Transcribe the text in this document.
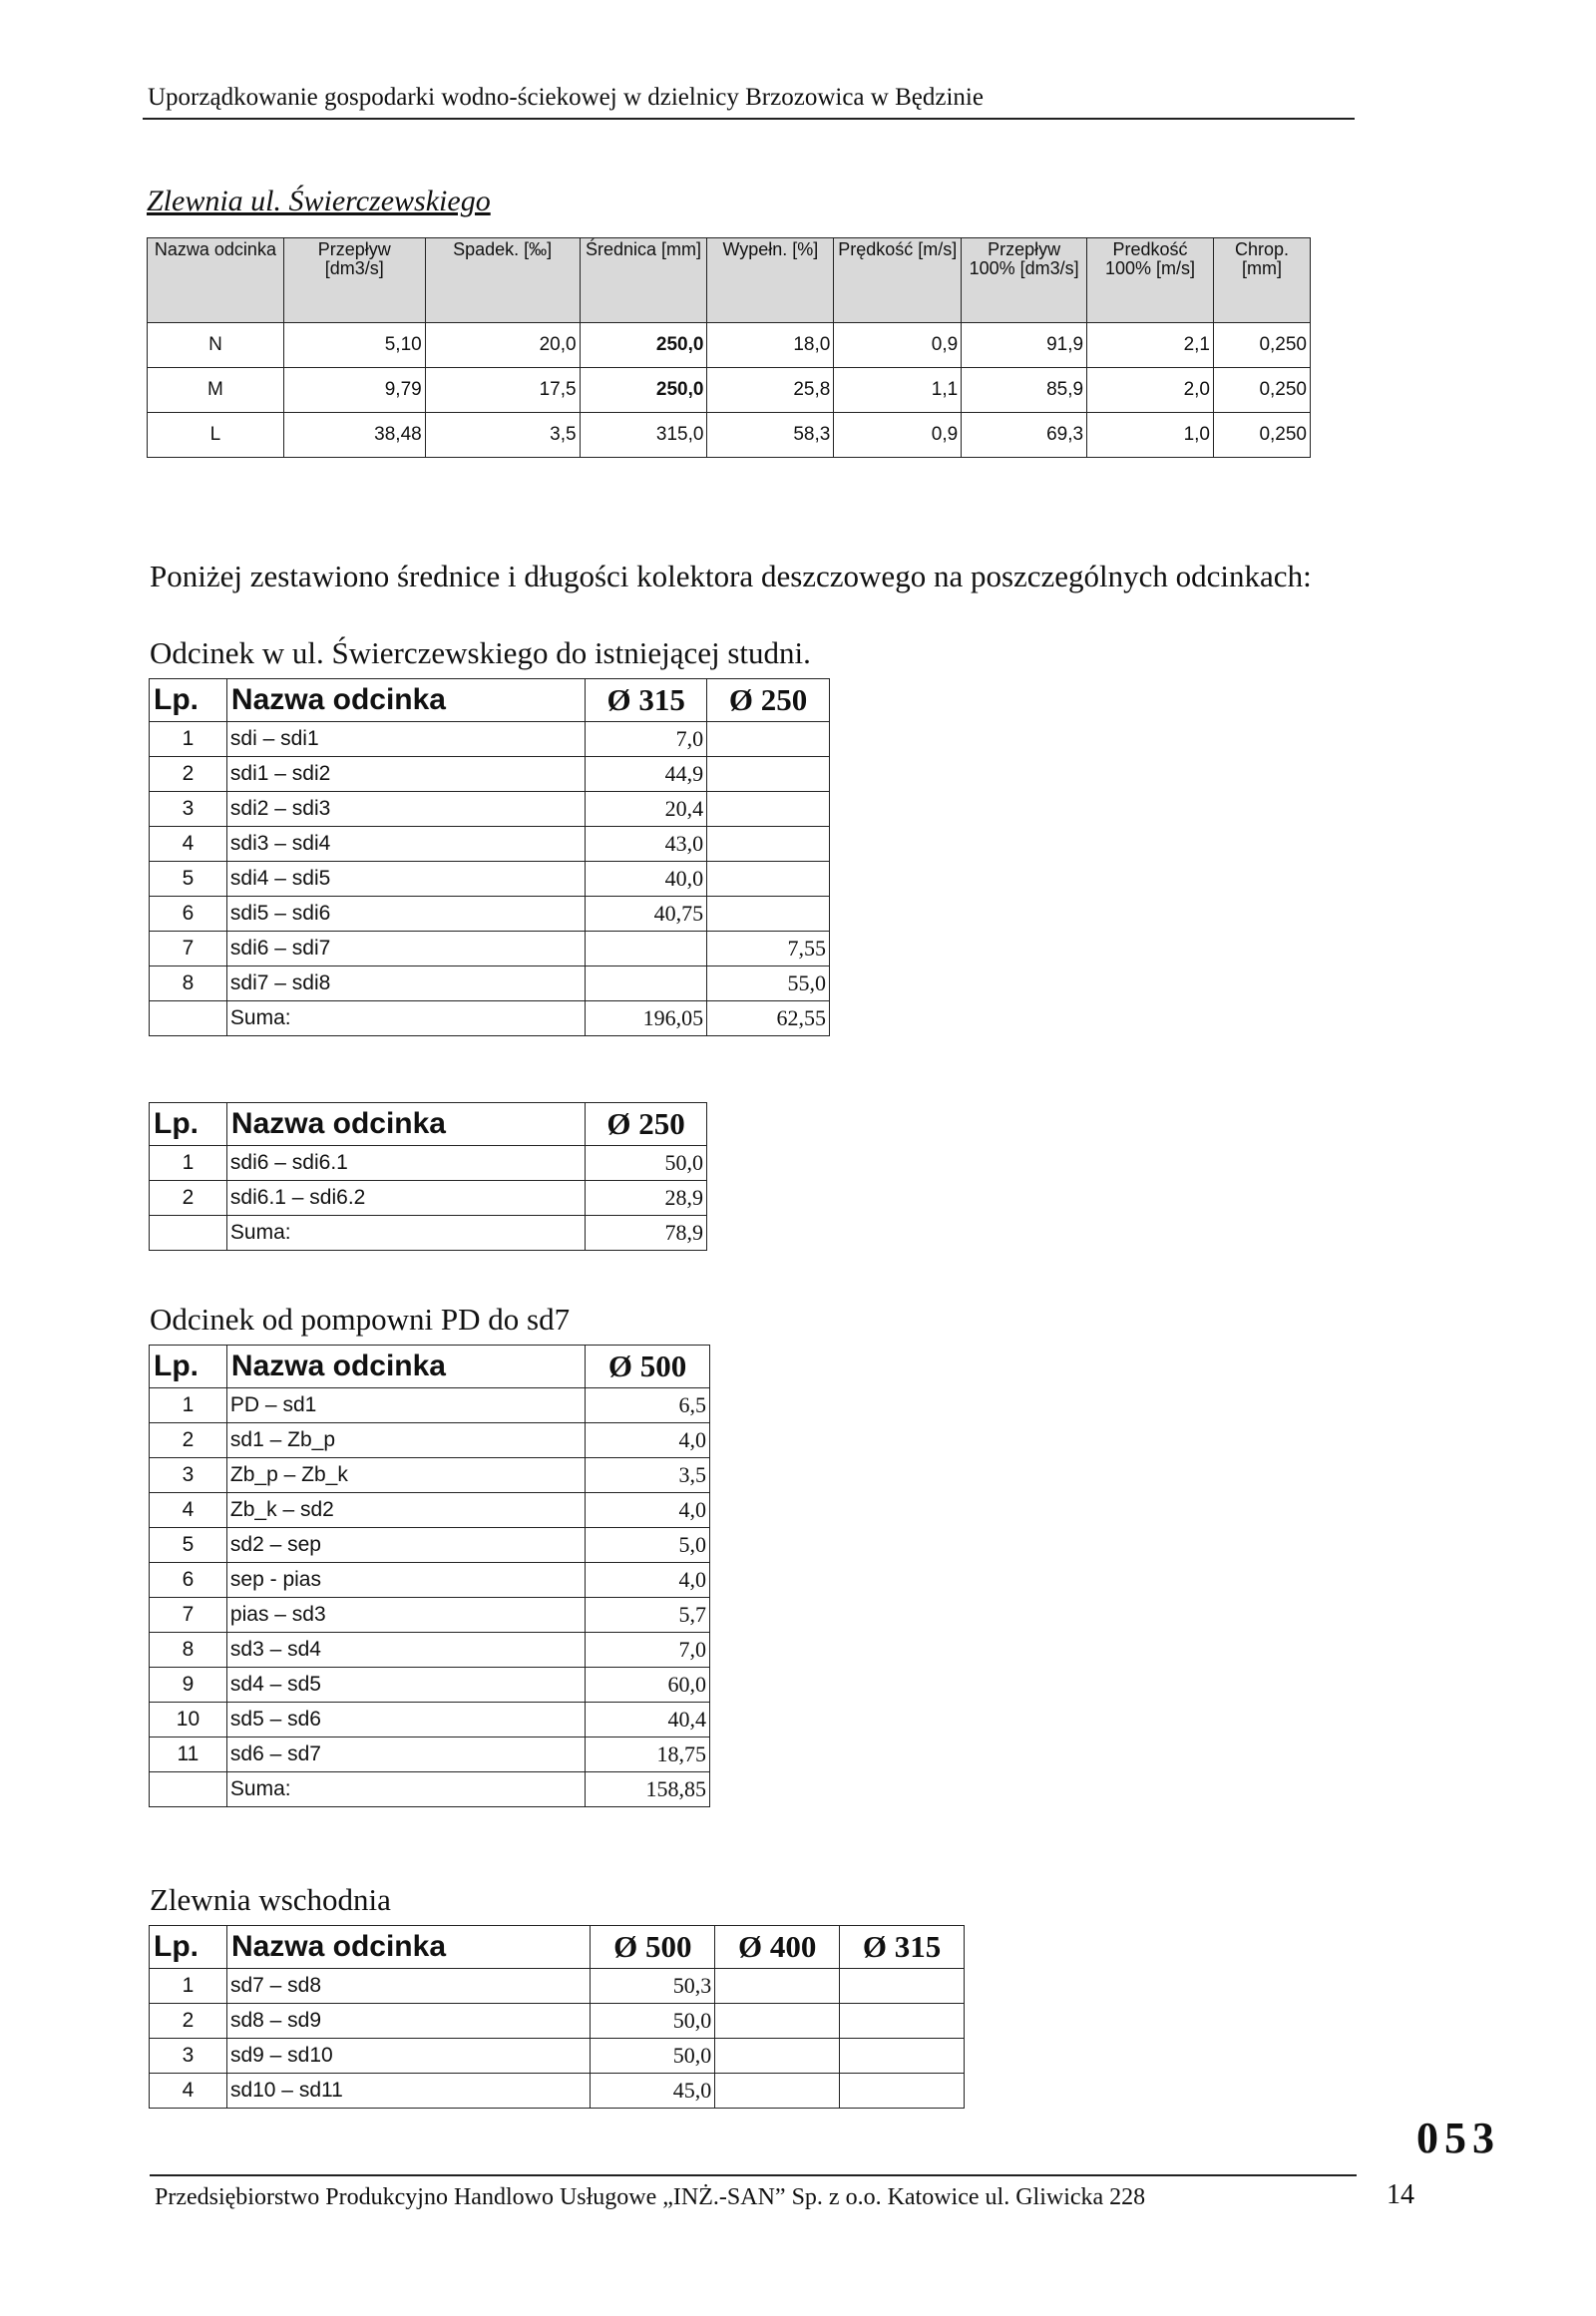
Uporządkowanie gospodarki wodno-ściekowej w dzielnicy Brzozowica w Będzinie
Zlewnia ul. Świerczewskiego
Nazwa odcinka	Przepływ [dm3/s]	Spadek. [‰]	Średnica [mm]	Wypełn. [%]	Prędkość [m/s]	Przepływ 100% [dm3/s]	Predkość 100% [m/s]	Chrop. [mm]
N	5,10	20,0	250,0	18,0	0,9	91,9	2,1	0,250
M	9,79	17,5	250,0	25,8	1,1	85,9	2,0	0,250
L	38,48	3,5	315,0	58,3	0,9	69,3	1,0	0,250
Poniżej zestawiono średnice i długości kolektora deszczowego na poszczególnych odcinkach:
Odcinek w ul. Świerczewskiego do istniejącej studni.
Lp.	Nazwa odcinka	Ø 315	Ø 250
1	sdi – sdi1	7,0	
2	sdi1 – sdi2	44,9	
3	sdi2 – sdi3	20,4	
4	sdi3 – sdi4	43,0	
5	sdi4 – sdi5	40,0	
6	sdi5 – sdi6	40,75	
7	sdi6 – sdi7		7,55
8	sdi7 – sdi8		55,0
	Suma:	196,05	62,55
Lp.	Nazwa odcinka	Ø 250
1	sdi6 – sdi6.1	50,0
2	sdi6.1 – sdi6.2	28,9
	Suma:	78,9
Odcinek od pompowni PD do sd7
Lp.	Nazwa odcinka	Ø 500
1	PD – sd1	6,5
2	sd1 – Zb_p	4,0
3	Zb_p – Zb_k	3,5
4	Zb_k – sd2	4,0
5	sd2 – sep	5,0
6	sep - pias	4,0
7	pias – sd3	5,7
8	sd3 – sd4	7,0
9	sd4 – sd5	60,0
10	sd5 – sd6	40,4
11	sd6 – sd7	18,75
	Suma:	158,85
Zlewnia wschodnia
Lp.	Nazwa odcinka	Ø 500	Ø 400	Ø 315
1	sd7 – sd8	50,3		
2	sd8 – sd9	50,0		
3	sd9 – sd10	50,0		
4	sd10 – sd11	45,0		
053
Przedsiębiorstwo Produkcyjno Handlowo Usługowe „INŻ.-SAN” Sp. z o.o. Katowice ul. Gliwicka 228	14
